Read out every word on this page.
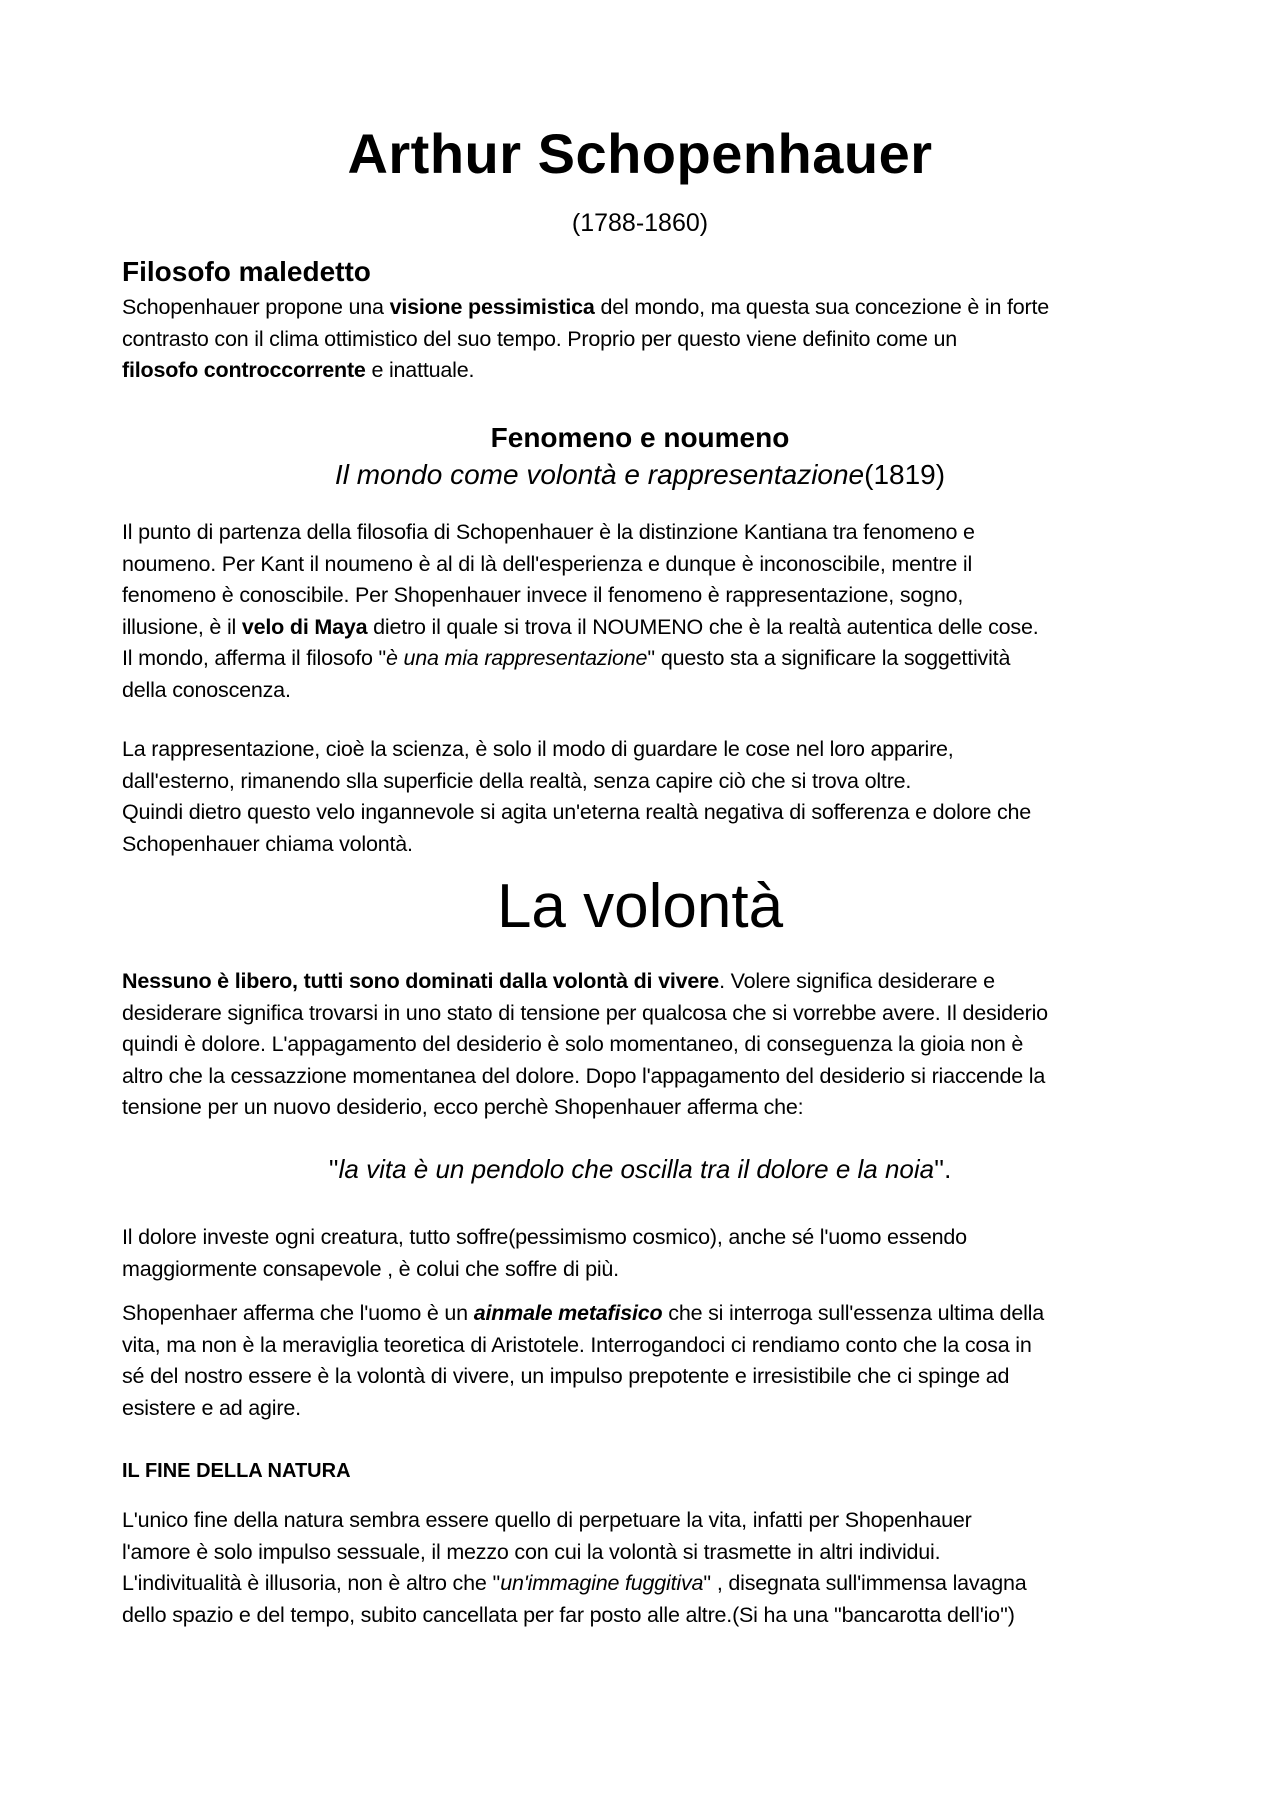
Arthur Schopenhauer
(1788-1860)
Filosofo maledetto
Schopenhauer propone una visione pessimistica del mondo, ma questa sua concezione è in forte
contrasto con il clima ottimistico del suo tempo. Proprio per questo viene definito come un
filosofo controccorrente e inattuale.
Fenomeno e noumeno
Il mondo come volontà e rappresentazione(1819)
Il punto di partenza della filosofia di Schopenhauer è la distinzione Kantiana tra fenomeno e
noumeno. Per Kant il noumeno è al di là dell'esperienza e dunque è inconoscibile, mentre il
fenomeno è conoscibile. Per Shopenhauer invece il fenomeno è rappresentazione, sogno,
illusione, è il velo di Maya dietro il quale si trova il NOUMENO che è la realtà autentica delle cose.
Il mondo, afferma il filosofo "è una mia rappresentazione'' questo sta a significare la soggettività
della conoscenza.
La rappresentazione, cioè la scienza, è solo il modo di guardare le cose nel loro apparire,
dall'esterno, rimanendo slla superficie della realtà, senza capire ciò che si trova oltre.
Quindi dietro questo velo ingannevole si agita un'eterna realtà negativa di sofferenza e dolore che
Schopenhauer chiama volontà.
La volontà
Nessuno è libero, tutti sono dominati dalla volontà di vivere. Volere significa desiderare e
desiderare significa trovarsi in uno stato di tensione per qualcosa che si vorrebbe avere. Il desiderio
quindi è dolore. L'appagamento del desiderio è solo momentaneo, di conseguenza la gioia non è
altro che la cessazzione momentanea del dolore. Dopo l'appagamento del desiderio si riaccende la
tensione per un nuovo desiderio, ecco perchè Shopenhauer afferma che:
''la vita è un pendolo che oscilla tra il dolore e la noia''.
Il dolore investe ogni creatura, tutto soffre(pessimismo cosmico), anche sé l'uomo essendo
maggiormente consapevole , è colui che soffre di più.
Shopenhaer afferma che l'uomo è un ainmale metafisico che si interroga sull'essenza ultima della
vita, ma non è la meraviglia teoretica di Aristotele. Interrogandoci ci rendiamo conto che la cosa in
sé del nostro essere è la volontà di vivere, un impulso prepotente e irresistibile che ci spinge ad
esistere e ad agire.
IL FINE DELLA NATURA
L'unico fine della natura sembra essere quello di perpetuare la vita, infatti per Shopenhauer
l'amore è solo impulso sessuale, il mezzo con cui la volontà si trasmette in altri individui.
L'indivitualità è illusoria, non è altro che ''un'immagine fuggitiva'' , disegnata sull'immensa lavagna
dello spazio e del tempo, subito cancellata per far posto alle altre.(Si ha una ''bancarotta dell'io'')
